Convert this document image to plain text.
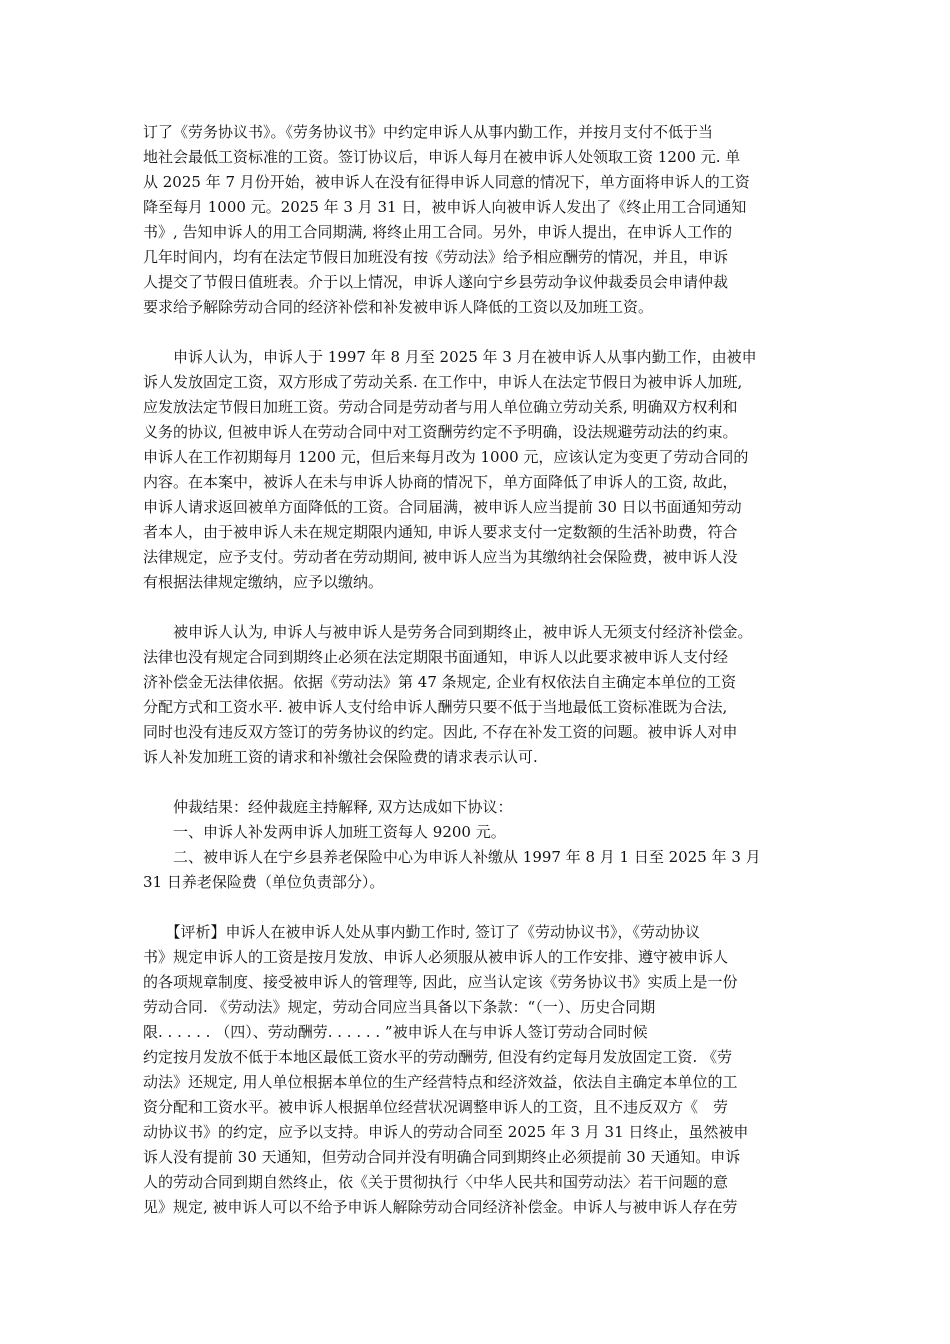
订了《劳务协议书》。《劳务协议书》中约定申诉人从事内勤工作，并按月支付不低于当
地社会最低工资标准的工资。签订协议后，申诉人每月在被申诉人处领取工资 1200 元. 单
从 2025 年 7 月份开始，被申诉人在没有征得申诉人同意的情况下，单方面将申诉人的工资
降至每月 1000 元。2025 年 3 月 31 日，被申诉人向被申诉人发出了《终止用工合同通知
书》, 告知申诉人的用工合同期满, 将终止用工合同。另外，申诉人提出，在申诉人工作的
几年时间内，均有在法定节假日加班没有按《劳动法》给予相应酬劳的情况，并且，申诉
人提交了节假日值班表。介于以上情况，申诉人遂向宁乡县劳动争议仲裁委员会申请仲裁
要求给予解除劳动合同的经济补偿和补发被申诉人降低的工资以及加班工资。
　　申诉人认为，申诉人于 1997 年 8 月至 2025 年 3 月在被申诉人从事内勤工作，由被申
诉人发放固定工资，双方形成了劳动关系. 在工作中，申诉人在法定节假日为被申诉人加班,
应发放法定节假日加班工资。劳动合同是劳动者与用人单位确立劳动关系, 明确双方权利和
义务的协议, 但被申诉人在劳动合同中对工资酬劳约定不予明确，设法规避劳动法的约束。
申诉人在工作初期每月 1200 元，但后来每月改为 1000 元，应该认定为变更了劳动合同的
内容。在本案中，被诉人在未与申诉人协商的情况下，单方面降低了申诉人的工资, 故此，
申诉人请求返回被单方面降低的工资。合同届满，被申诉人应当提前 30 日以书面通知劳动
者本人，由于被申诉人未在规定期限内通知, 申诉人要求支付一定数额的生活补助费，符合
法律规定，应予支付。劳动者在劳动期间, 被申诉人应当为其缴纳社会保险费，被申诉人没
有根据法律规定缴纳，应予以缴纳。
　　被申诉人认为, 申诉人与被申诉人是劳务合同到期终止，被申诉人无须支付经济补偿金。
法律也没有规定合同到期终止必须在法定期限书面通知，申诉人以此要求被申诉人支付经
济补偿金无法律依据。依据《劳动法》第 47 条规定, 企业有权依法自主确定本单位的工资
分配方式和工资水平. 被申诉人支付给申诉人酬劳只要不低于当地最低工资标准既为合法,
同时也没有违反双方签订的劳务协议的约定。因此, 不存在补发工资的问题。被申诉人对申
诉人补发加班工资的请求和补缴社会保险费的请求表示认可.
　　仲裁结果：经仲裁庭主持解释, 双方达成如下协议：
　　一、申诉人补发两申诉人加班工资每人 9200 元。
　　二、被申诉人在宁乡县养老保险中心为申诉人补缴从 1997 年 8 月 1 日至 2025 年 3 月
31 日养老保险费（单位负责部分）。
　　【评析】申诉人在被申诉人处从事内勤工作时, 签订了《劳动协议书》，《劳动协议
书》规定申诉人的工资是按月发放、申诉人必须服从被申诉人的工作安排、遵守被申诉人
的各项规章制度、接受被申诉人的管理等, 因此，应当认定该《劳务协议书》实质上是一份
劳动合同. 《劳动法》规定，劳动合同应当具备以下条款：“（一）、历史合同期
限. . . . . . （四）、劳动酬劳. . . . . . ”被申诉人在与申诉人签订劳动合同时候
约定按月发放不低于本地区最低工资水平的劳动酬劳, 但没有约定每月发放固定工资. 《劳
动法》还规定, 用人单位根据本单位的生产经营特点和经济效益，依法自主确定本单位的工
资分配和工资水平。被申诉人根据单位经营状况调整申诉人的工资，且不违反双方《　劳
动协议书》的约定，应予以支持。申诉人的劳动合同至 2025 年 3 月 31 日终止，虽然被申
诉人没有提前 30 天通知，但劳动合同并没有明确合同到期终止必须提前 30 天通知。申诉
人的劳动合同到期自然终止，依《关于贯彻执行〈中华人民共和国劳动法〉若干问题的意
见》规定, 被申诉人可以不给予申诉人解除劳动合同经济补偿金。申诉人与被申诉人存在劳
